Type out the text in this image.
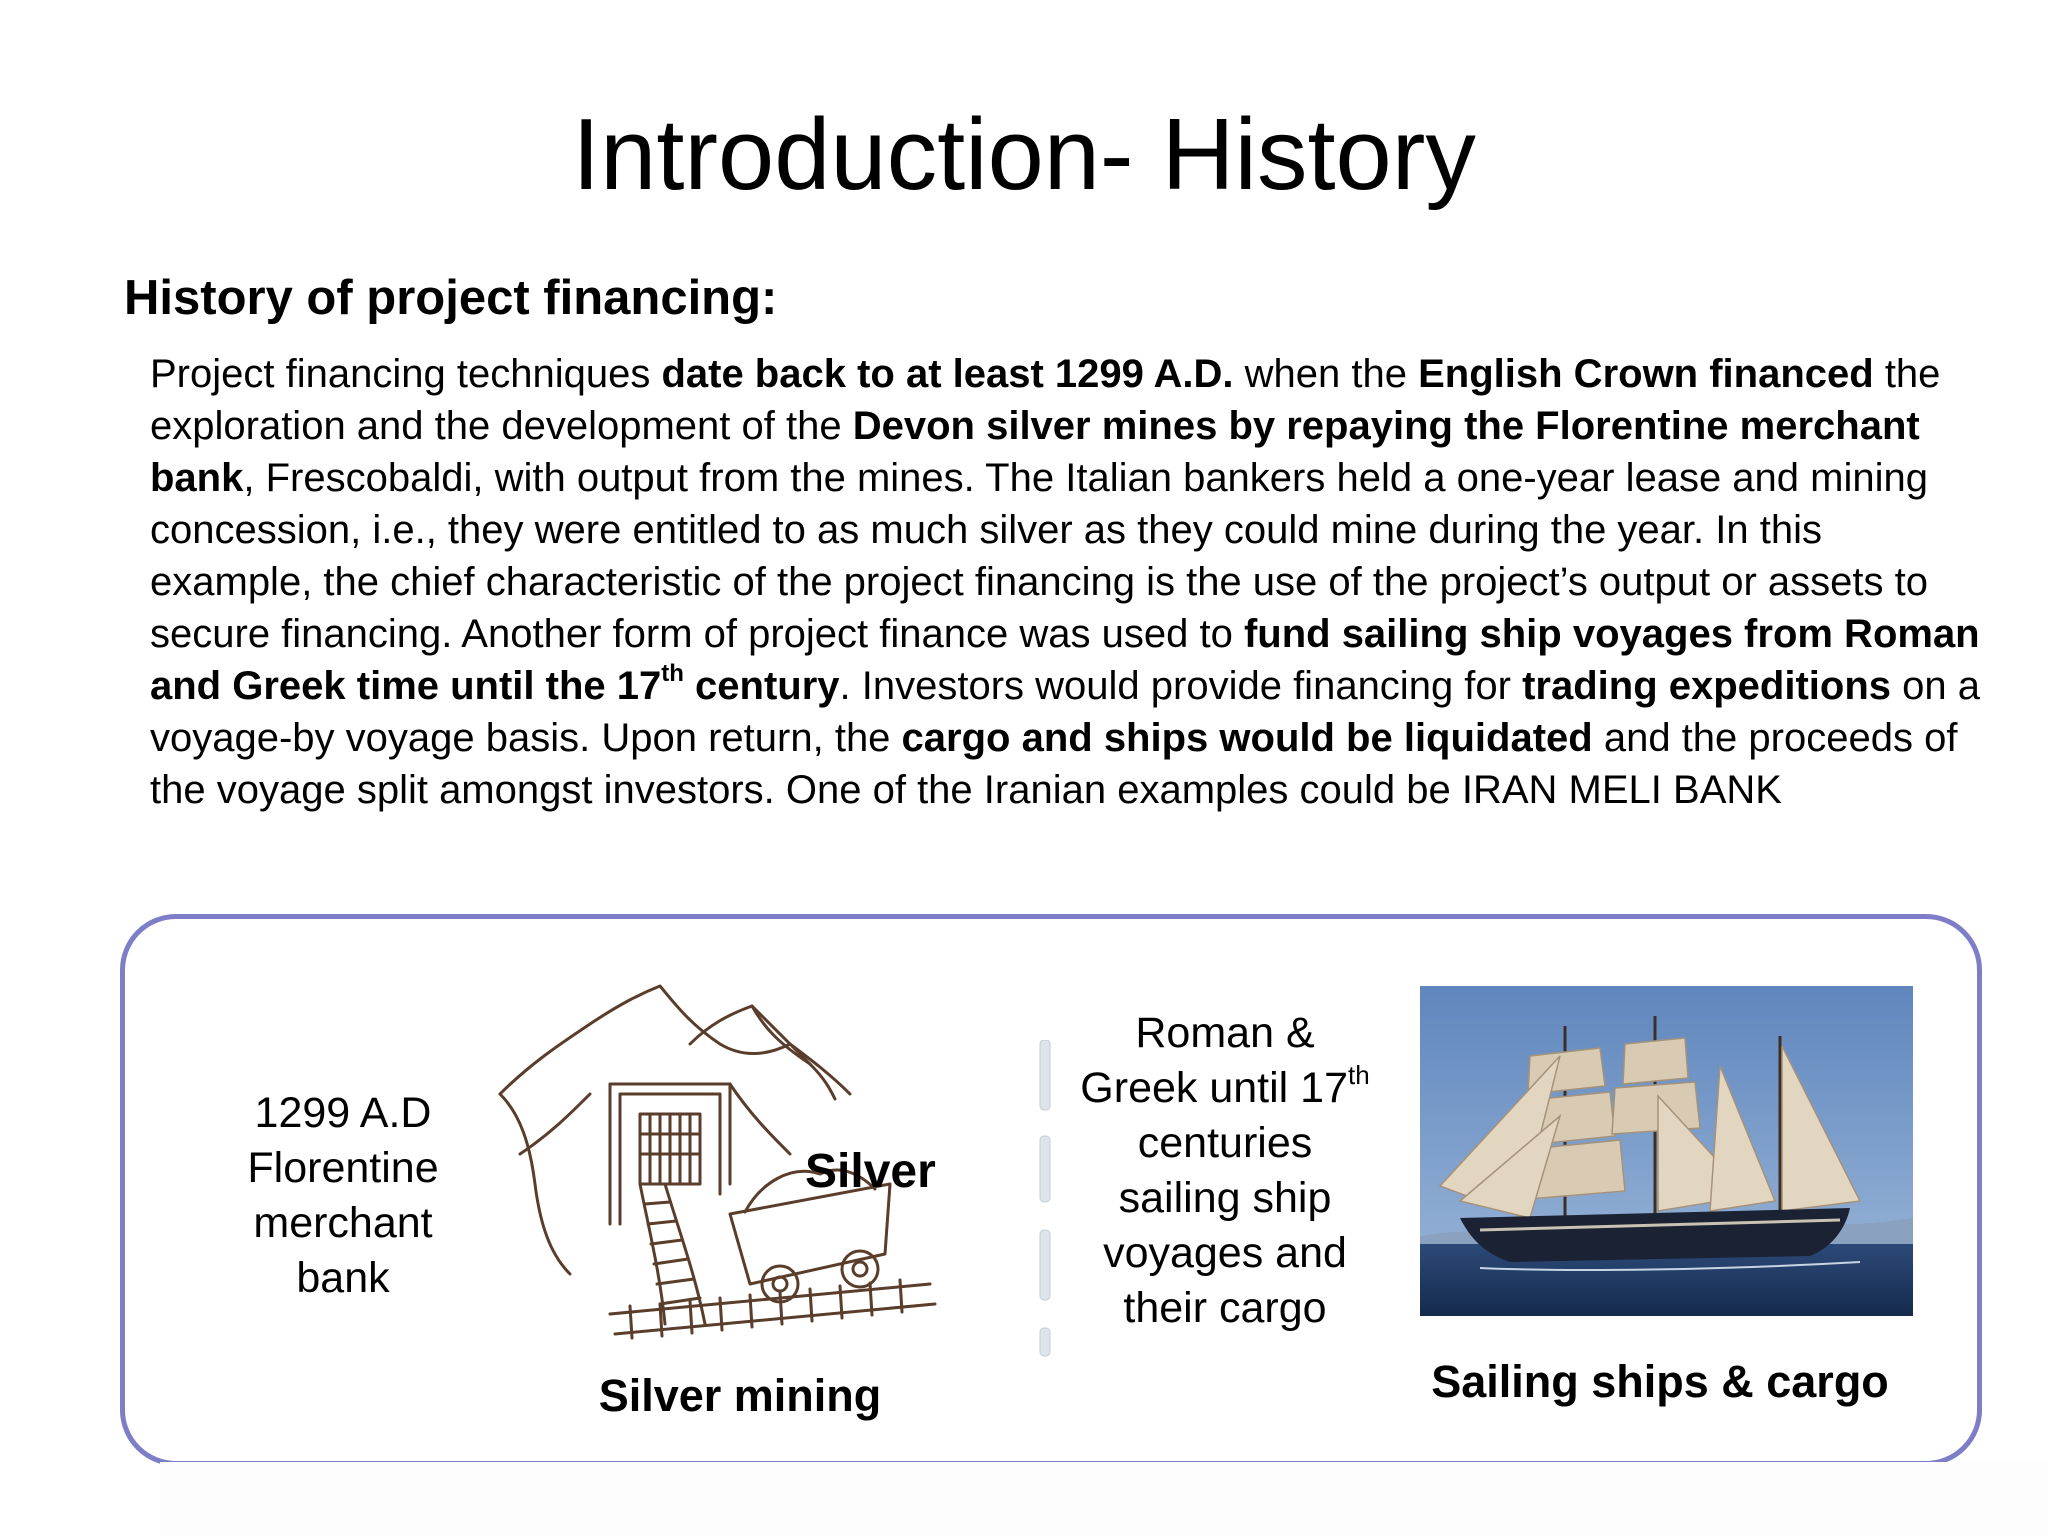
Introduction- History
History of project financing:

Project financing techniques date back to at least 1299 A.D. when the English Crown financed the exploration and the development of the Devon silver mines by repaying the Florentine merchant bank, Frescobaldi, with output from the mines. The Italian bankers held a one-year lease and mining concession, i.e., they were entitled to as much silver as they could mine during the year. In this example, the chief characteristic of the project financing is the use of the project’s output or assets to secure financing. Another form of project finance was used to fund sailing ship voyages from Roman and Greek time until the 17th century. Investors would provide financing for trading expeditions on a voyage-by voyage basis. Upon return, the cargo and ships would be liquidated and the proceeds of the voyage split amongst investors. One of the Iranian examples could be IRAN MELI BANK

1299 A.D
Florentine
merchant
bank
Silver
Silver mining
Roman &
Greek until 17th
centuries
sailing ship
voyages and
their cargo
Sailing ships & cargo
